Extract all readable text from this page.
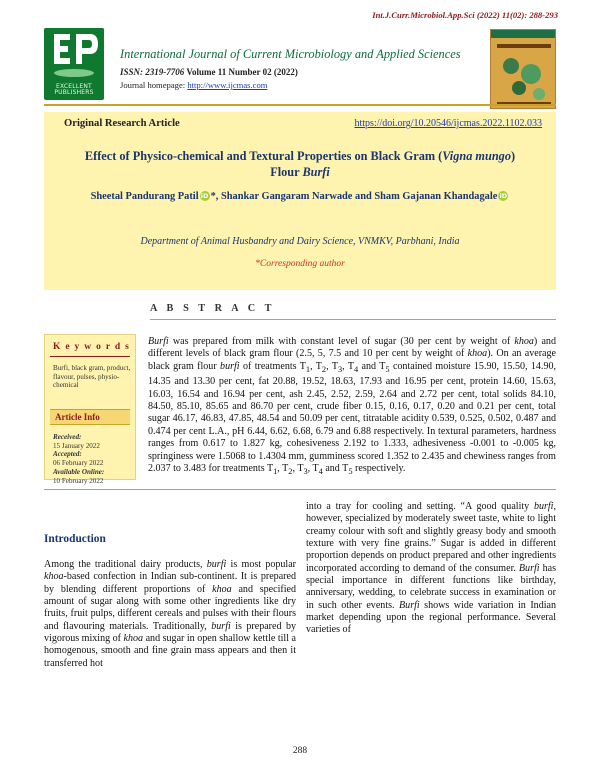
Int.J.Curr.Microbiol.App.Sci (2022) 11(02): 288-293
EXCELLENT
PUBLISHERS
International Journal of Current Microbiology and Applied Sciences
ISSN: 2319-7706 Volume 11 Number 02 (2022)
Journal homepage: http://www.ijcmas.com
Original Research Article	https://doi.org/10.20546/ijcmas.2022.1102.033
Effect of Physico-chemical and Textural Properties on Black Gram (Vigna mungo)
Flour Burfi
Sheetal Pandurang Patil iD *, Shankar Gangaram Narwade and Sham Gajanan Khandagale iD
Department of Animal Husbandry and Dairy Science, VNMKV, Parbhani, India
*Corresponding author
A B S T R A C T
K e y w o r d s
Burfi, black gram, product, flavour, pulses, physio-chemical
Article Info
Received:
15 January 2022
Accepted:
06 February 2022
Available Online:
10 February 2022
Burfi was prepared from milk with constant level of sugar (30 per cent by weight of khoa) and different levels of black gram flour (2.5, 5, 7.5 and 10 per cent by weight of khoa). On an average black gram flour burfi of treatments $T_1$, $T_2$, $T_3$, $T_4$ and $T_5$ contained moisture 15.90, 15.50, 14.90, 14.35 and 13.30 per cent, fat 20.88, 19.52, 18.63, 17.93 and 16.95 per cent, protein 14.60, 15.63, 16.03, 16.54 and 16.94 per cent, ash 2.45, 2.52, 2.59, 2.64 and 2.72 per cent, total solids 84.10, 84.50, 85.10, 85.65 and 86.70 per cent, crude fiber 0.15, 0.16, 0.17, 0.20 and 0.21 per cent, total sugar 46.17, 46.83, 47.85, 48.54 and 50.09 per cent, titratable acidity 0.539, 0.525, 0.502, 0.487 and 0.474 per cent L.A., pH 6.44, 6.62, 6.68, 6.79 and 6.88 respectively. In textural parameters, hardness ranges from 0.617 to 1.827 kg, cohesiveness 2.192 to 1.333, adhesiveness -0.001 to -0.005 kg, springiness were 1.5068 to 1.4304 mm, gumminess scored 1.352 to 2.435 and chewiness ranges from 2.037 to 3.483 for treatments $T_1$, $T_2$, $T_3$, $T_4$ and $T_5$ respectively.
Introduction
Among the traditional dairy products, burfi is most popular khoa-based confection in Indian sub-continent. It is prepared by blending different proportions of khoa and specified amount of sugar along with some other ingredients like dry fruits, fruit pulps, different cereals and pulses with their flours and flavouring materials. Traditionally, burfi is prepared by vigorous mixing of khoa and sugar in open shallow kettle till a homogenous, smooth and fine grain mass appears and then it transferred hot
into a tray for cooling and setting. “A good quality burfi, however, specialized by moderately sweet taste, white to light creamy colour with soft and slightly greasy body and smooth texture with very fine grains.” Sugar is added in different proportion depends on product prepared and other ingredients incorporated according to demand of the consumer. Burfi has special importance in different functions like birthday, anniversary, wedding, to celebrate success in examination or in such other events. Burfi shows wide variation in Indian market depending upon the regional performance. Several varieties of
288
